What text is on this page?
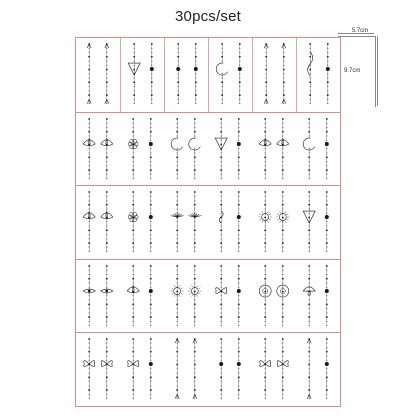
30pcs/set
5.7cm
9.7cm
